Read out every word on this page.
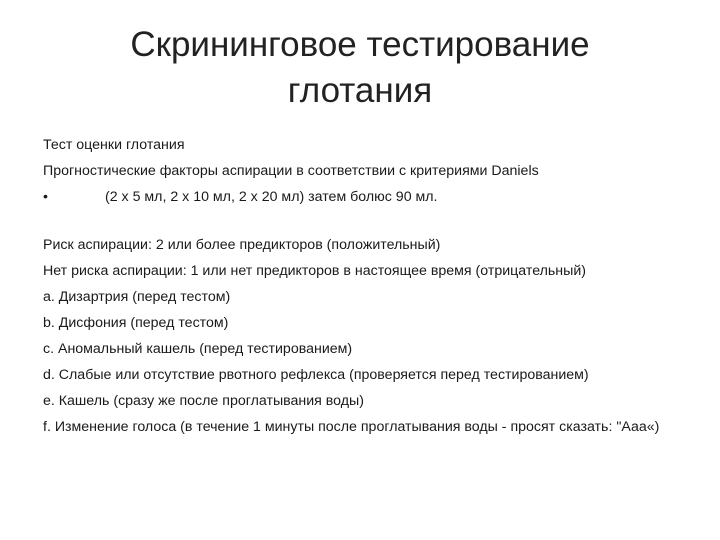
Скрининговое тестирование
глотания
Тест оценки глотания
Прогностические факторы аспирации в соответствии с критериями Daniels
•	(2 х 5 мл, 2 х 10 мл, 2 х 20 мл) затем болюс 90 мл.
Риск аспирации: 2 или более предикторов (положительный)
Нет риска аспирации: 1 или нет предикторов в настоящее время (отрицательный)
a. Дизартрия (перед тестом)
b. Дисфония (перед тестом)
c. Аномальный кашель (перед тестированием)
d. Слабые или отсутствие рвотного рефлекса (проверяется перед тестированием)
e. Кашель (сразу же после проглатывания воды)
f. Изменение голоса (в течение 1 минуты после проглатывания воды - просят сказать: "Ааа«)
